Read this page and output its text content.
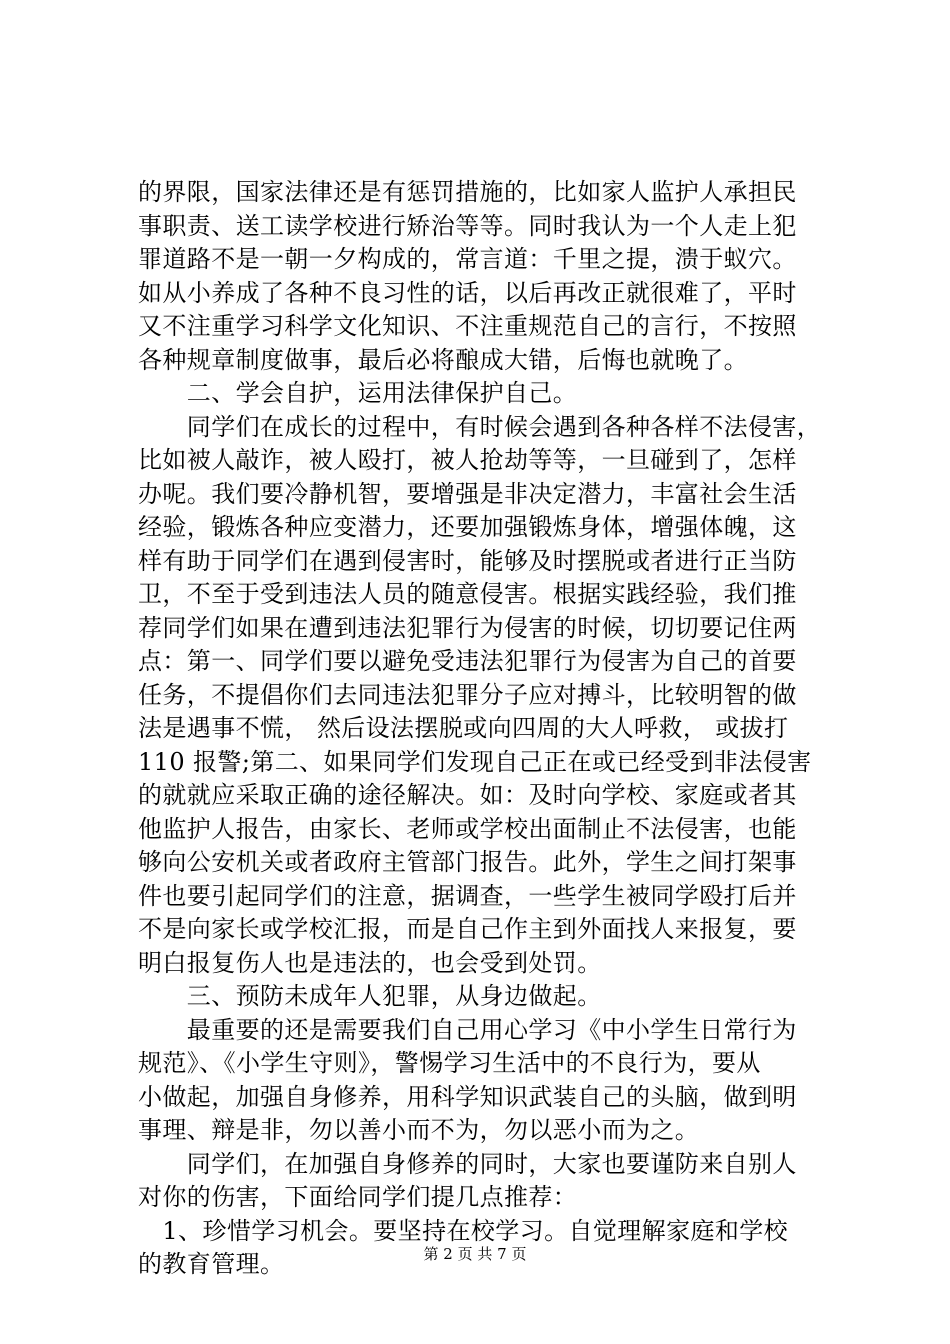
的界限，国家法律还是有惩罚措施的，比如家人监护人承担民
事职责、送工读学校进行矫治等等。同时我认为一个人走上犯
罪道路不是一朝一夕构成的，常言道：千里之提，溃于蚁穴。
如从小养成了各种不良习性的话，以后再改正就很难了，平时
又不注重学习科学文化知识、不注重规范自己的言行，不按照
各种规章制度做事，最后必将酿成大错，后悔也就晚了。
　　二、学会自护，运用法律保护自己。
　　同学们在成长的过程中，有时候会遇到各种各样不法侵害，
比如被人敲诈，被人殴打，被人抢劫等等，一旦碰到了，怎样
办呢。我们要冷静机智，要增强是非决定潜力，丰富社会生活
经验，锻炼各种应变潜力，还要加强锻炼身体，增强体魄，这
样有助于同学们在遇到侵害时，能够及时摆脱或者进行正当防
卫，不至于受到违法人员的随意侵害。根据实践经验，我们推
荐同学们如果在遭到违法犯罪行为侵害的时候，切切要记住两
点：第一、同学们要以避免受违法犯罪行为侵害为自己的首要
任务，不提倡你们去同违法犯罪分子应对搏斗，比较明智的做
法是遇事不慌， 然后设法摆脱或向四周的大人呼救， 或拔打
110 报警;第二、如果同学们发现自己正在或已经受到非法侵害
的就就应采取正确的途径解决。如：及时向学校、家庭或者其
他监护人报告，由家长、老师或学校出面制止不法侵害，也能
够向公安机关或者政府主管部门报告。此外，学生之间打架事
件也要引起同学们的注意，据调查，一些学生被同学殴打后并
不是向家长或学校汇报，而是自己作主到外面找人来报复，要
明白报复伤人也是违法的，也会受到处罚。
　　三、预防未成年人犯罪，从身边做起。
　　最重要的还是需要我们自己用心学习《中小学生日常行为
规范》、《小学生守则》，警惕学习生活中的不良行为，要从
小做起，加强自身修养，用科学知识武装自己的头脑，做到明
事理、辩是非，勿以善小而不为，勿以恶小而为之。
　　同学们，在加强自身修养的同时，大家也要谨防来自别人
对你的伤害，下面给同学们提几点推荐：
　1、珍惜学习机会。要坚持在校学习。自觉理解家庭和学校
的教育管理。	第 2 页 共 7 页
